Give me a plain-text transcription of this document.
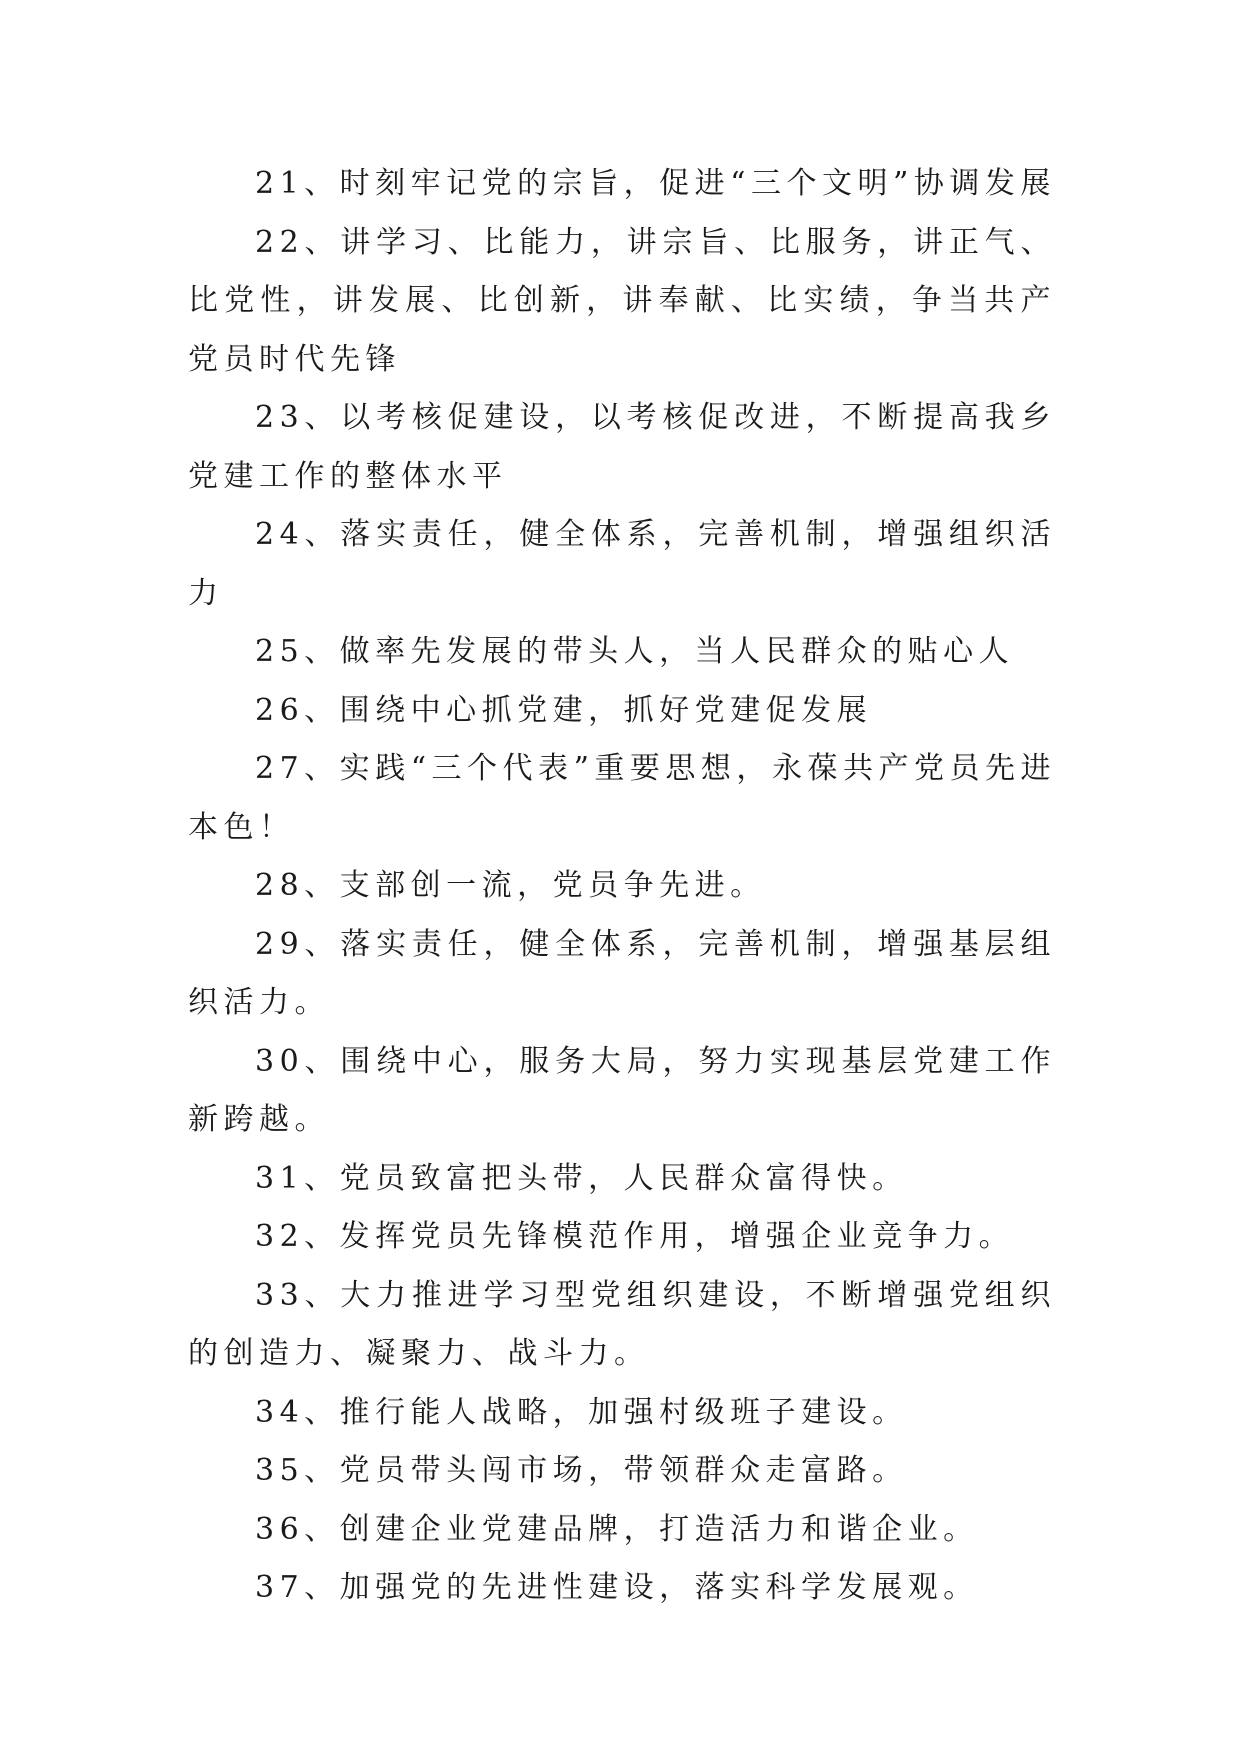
21、时刻牢记党的宗旨，促进“三个文明”协调发展

22、讲学习、比能力，讲宗旨、比服务，讲正气、比党性，讲发展、比创新，讲奉献、比实绩，争当共产党员时代先锋

23、以考核促建设，以考核促改进，不断提高我乡党建工作的整体水平

24、落实责任，健全体系，完善机制，增强组织活力

25、做率先发展的带头人，当人民群众的贴心人

26、围绕中心抓党建，抓好党建促发展

27、实践“三个代表”重要思想，永葆共产党员先进本色！

28、支部创一流，党员争先进。

29、落实责任，健全体系，完善机制，增强基层组织活力。

30、围绕中心，服务大局，努力实现基层党建工作新跨越。

31、党员致富把头带，人民群众富得快。

32、发挥党员先锋模范作用，增强企业竞争力。

33、大力推进学习型党组织建设，不断增强党组织的创造力、凝聚力、战斗力。

34、推行能人战略，加强村级班子建设。

35、党员带头闯市场，带领群众走富路。

36、创建企业党建品牌，打造活力和谐企业。

37、加强党的先进性建设，落实科学发展观。
